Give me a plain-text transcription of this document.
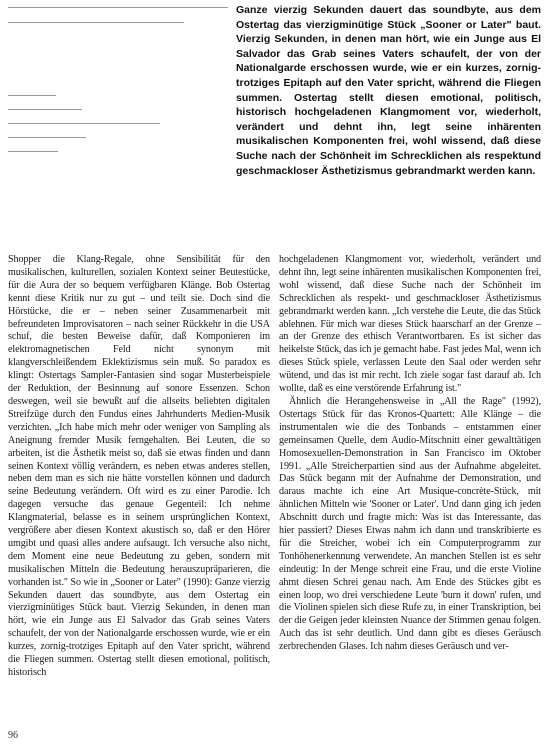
Ganze vierzig Sekunden dauert das soundbyte, aus dem Ostertag das vierzigminütige Stück „Sooner or Later" baut. Vierzig Sekunden, in denen man hört, wie ein Junge aus El Salvador das Grab seines Vaters schaufelt, der von der Nationalgarde erschossen wurde, wie er ein kurzes, zornig-trotziges Epitaph auf den Vater spricht, während die Fliegen summen. Ostertag stellt diesen emotional, politisch, historisch hochgeladenen Klangmoment vor, wiederholt, verändert und dehnt ihn, legt seine inhärenten musikalischen Komponenten frei, wohl wissend, daß diese Suche nach der Schönheit im Schrecklichen als respektund geschmackloser Ästhetizismus gebrandmarkt werden kann.

Shopper die Klang-Regale, ohne Sensibilität für den musikalischen, kulturellen, sozialen Kontext seiner Beutestücke, für die Aura der so bequem verfügbaren Klänge. Bob Ostertag kennt diese Kritik nur zu gut – und teilt sie. Doch sind die Hörstücke, die er – neben seiner Zusammenarbeit mit befreundeten Improvisatoren – nach seiner Rückkehr in die USA schuf, die besten Beweise dafür, daß Komponieren im elektromagnetischen Feld nicht synonym mit klangverschleißendem Eklektizismus sein muß. So paradox es klingt: Ostertags Sampler-Fantasien sind sogar Musterbeispiele der Reduktion, der Besinnung auf sonore Essenzen. Schon deswegen, weil sie bewußt auf die allseits beliebten digitalen Streifzüge durch den Fundus eines Jahrhunderts Medien-Musik verzichten. „Ich habe mich mehr oder weniger von Sampling als Aneignung fremder Musik ferngehalten. Bei Leuten, die so arbeiten, ist die Ästhetik meist so, daß sie etwas finden und dann seinen Kontext völlig verändern, es neben etwas anderes stellen, neben dem man es sich nie hätte vorstellen können und dadurch seine Bedeutung verändern. Oft wird es zu einer Parodie. Ich dagegen versuche das genaue Gegenteil: Ich nehme Klangmaterial, belasse es in seinem ursprünglichen Kontext, vergrößere aber diesen Kontext akustisch so, daß er den Hörer umgibt und quasi alles andere aufsaugt. Ich versuche also nicht, dem Moment eine neue Bedeutung zu geben, sondern mit musikalischen Mitteln die Bedeutung herauszupräparieren, die vorhanden ist." So wie in „Sooner or Later" (1990): Ganze vierzig Sekunden dauert das soundbyte, aus dem Ostertag ein vierzigminütiges Stück baut. Vierzig Sekunden, in denen man hört, wie ein Junge aus El Salvador das Grab seines Vaters schaufelt, der von der Nationalgarde erschossen wurde, wie er ein kurzes, zornig-trotziges Epitaph auf den Vater spricht, während die Fliegen summen. Ostertag stellt diesen emotional, politisch, historisch

hochgeladenen Klangmoment vor, wiederholt, verändert und dehnt ihn, legt seine inhärenten musikalischen Komponenten frei, wohl wissend, daß diese Suche nach der Schönheit im Schrecklichen als respekt- und geschmackloser Ästhetizismus gebrandmarkt werden kann. „Ich verstehe die Leute, die das Stück ablehnen. Für mich war dieses Stück haarscharf an der Grenze – an der Grenze des ethisch Verantwortbaren. Es ist sicher das heikelste Stück, das ich je gemacht habe. Fast jedes Mal, wenn ich dieses Stück spiele, verlassen Leute den Saal oder werden sehr wütend, und das ist mir recht. Ich ziele sogar fast darauf ab. Ich wollte, daß es eine verstörende Erfahrung ist."

Ähnlich die Herangehensweise in „All the Rage" (1992), Ostertags Stück für das Kronos-Quartett: Alle Klänge – die instrumentalen wie die des Tonbands – entstammen einer gemeinsamen Quelle, dem Audio-Mitschnitt einer gewalttätigen Homosexuellen-Demonstration in San Francisco im Oktober 1991. „Alle Streicherpartien sind aus der Aufnahme abgeleitet. Das Stück begann mit der Aufnahme der Demonstration, und daraus machte ich eine Art Musique-concrète-Stück, mit ähnlichen Mitteln wie 'Sooner or Later'. Und dann ging ich jeden Abschnitt durch und fragte mich: Was ist das Interessante, das hier passiert? Dieses Etwas nahm ich dann und transkribierte es für die Streicher, wobei ich ein Computerprogramm zur Tonhöhenerkennung verwendete. An manchen Stellen ist es sehr eindeutig: In der Menge schreit eine Frau, und die erste Violine ahmt diesen Schrei genau nach. Am Ende des Stückes gibt es einen loop, wo drei verschiedene Leute 'burn it down' rufen, und die Violinen spielen sich diese Rufe zu, in einer Transkription, bei der die Geigen jeder kleinsten Nuance der Stimmen genau folgen. Auch das ist sehr deutlich. Und dann gibt es dieses Geräusch zerbrechenden Glases. Ich nahm dieses Geräusch und ver-

96
